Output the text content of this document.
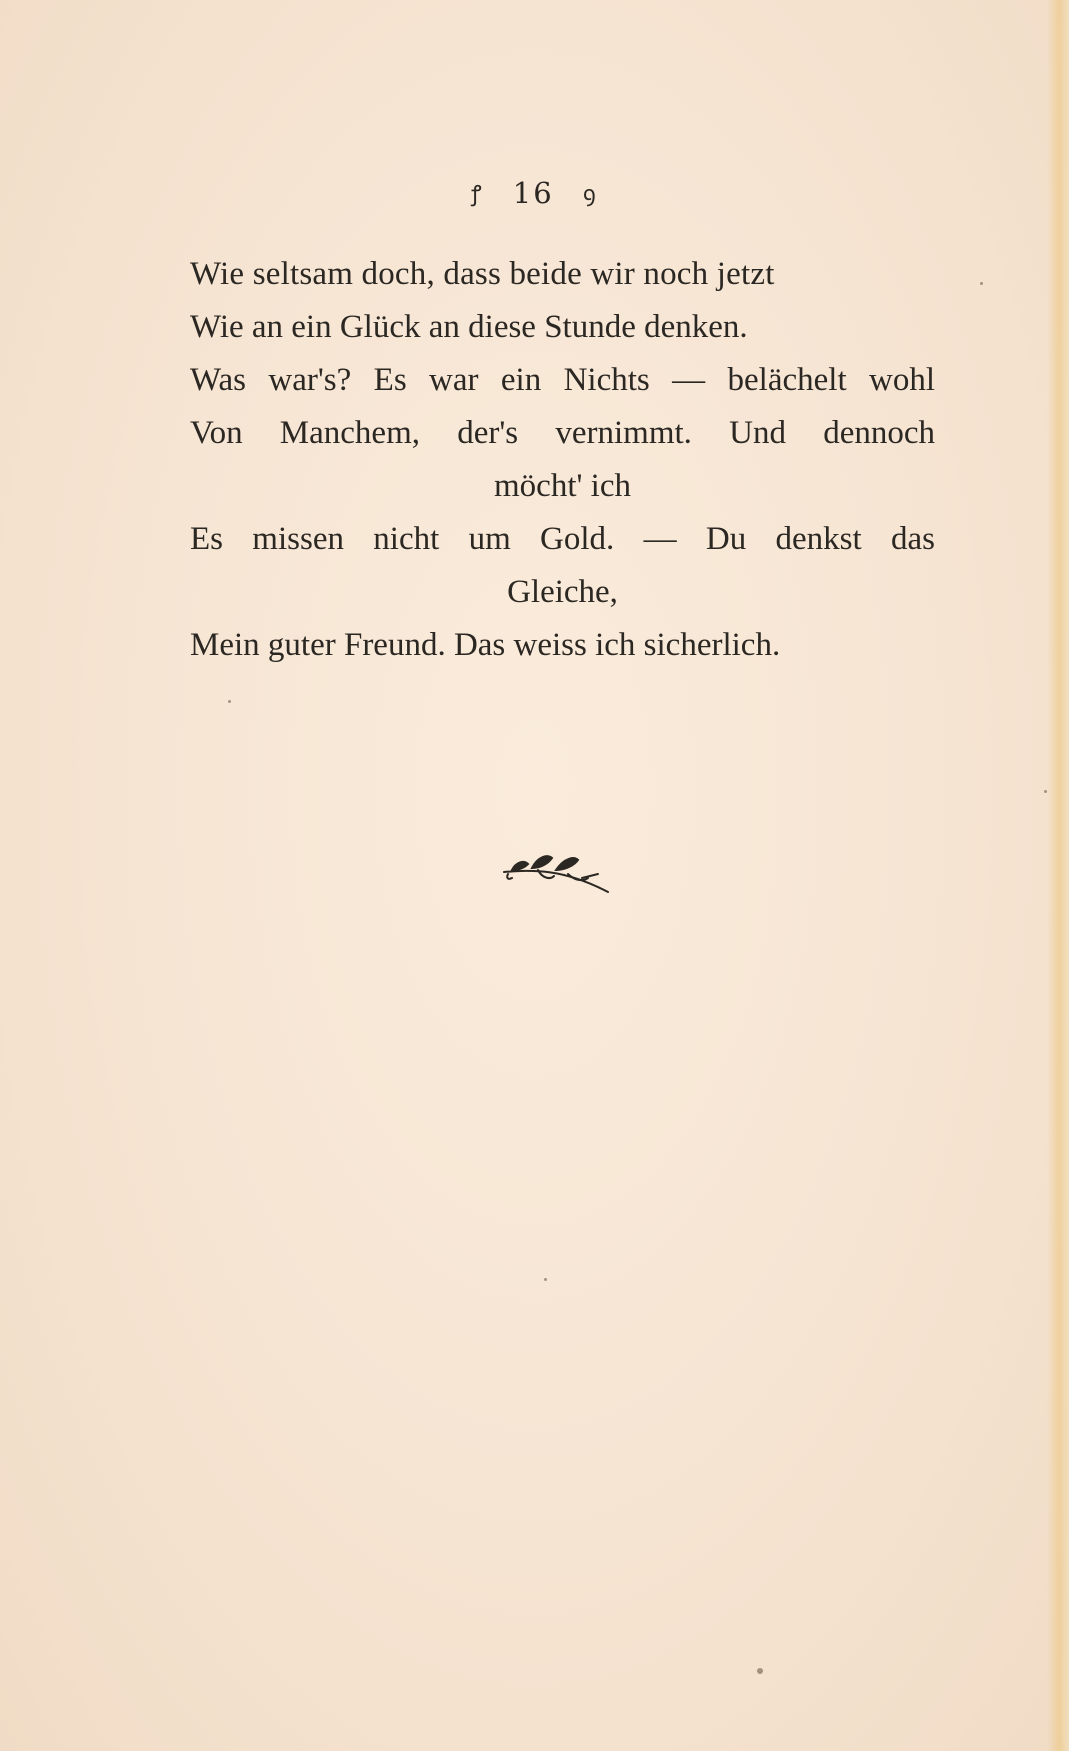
ꝭ 16 ꝯ
Wie seltsam doch, dass beide wir noch jetzt
Wie an ein Glück an diese Stunde denken.
Was war's? Es war ein Nichts — belächelt wohl
Von Manchem, der's vernimmt. Und dennoch
möcht' ich
Es missen nicht um Gold. — Du denkst das
Gleiche,
Mein guter Freund. Das weiss ich sicherlich.
